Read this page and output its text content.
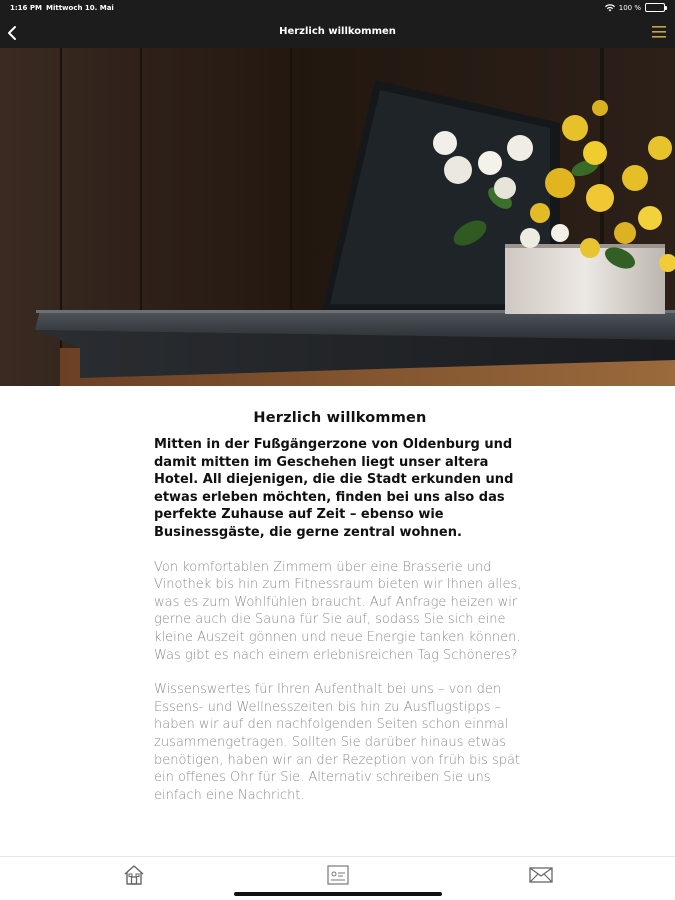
1:16 PM Mittwoch 10. Mai	100 %
Herzlich willkommen
Herzlich willkommen

Mitten in der Fußgängerzone von Oldenburg und damit mitten im Geschehen liegt unser altera Hotel. All diejenigen, die die Stadt erkunden und etwas erleben möchten, finden bei uns also das perfekte Zuhause auf Zeit – ebenso wie Businessgäste, die gerne zentral wohnen.

Von komfortablen Zimmern über eine Brasserie und Vinothek bis hin zum Fitnessraum bieten wir Ihnen alles, was es zum Wohlfühlen braucht. Auf Anfrage heizen wir gerne auch die Sauna für Sie auf, sodass Sie sich eine kleine Auszeit gönnen und neue Energie tanken können. Was gibt es nach einem erlebnisreichen Tag Schöneres?

Wissenswertes für Ihren Aufenthalt bei uns – von den Essens- und Wellnesszeiten bis hin zu Ausflugstipps – haben wir auf den nachfolgenden Seiten schon einmal zusammengetragen. Sollten Sie darüber hinaus etwas benötigen, haben wir an der Rezeption von früh bis spät ein offenes Ohr für Sie. Alternativ schreiben Sie uns einfach eine Nachricht.
